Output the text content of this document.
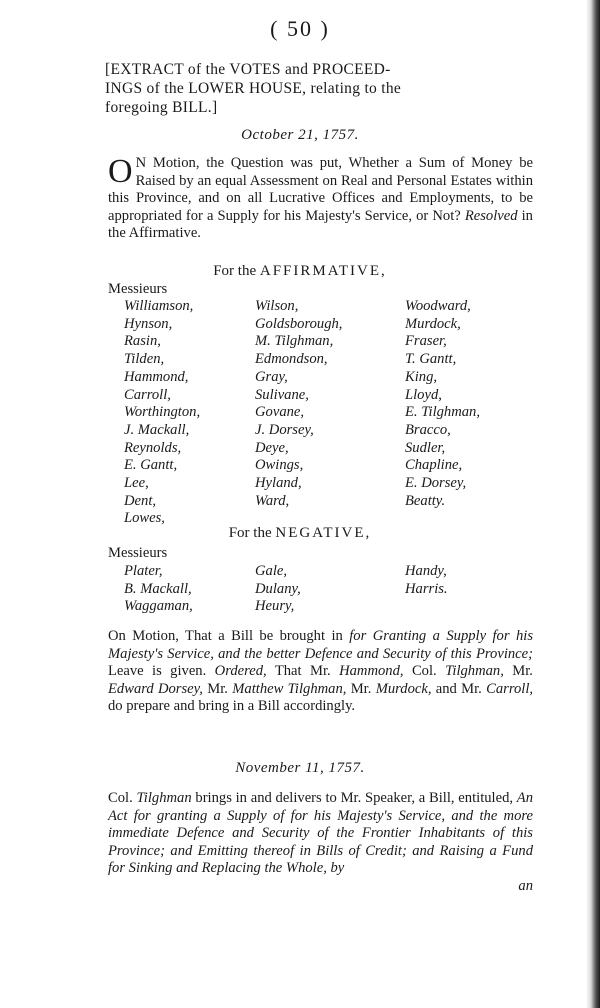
( 50 )
[EXTRACT of the VOTES and PROCEED-
INGS of the LOWER HOUSE, relating to the
foregoing BILL.]
October 21, 1757.
O N Motion, the Question was put, Whether a Sum of Money be Raised by an equal Assessment on Real and Personal Estates within this Province, and on all Lucrative Offices and Employments, to be appropriated for a Supply for his Majesty's Service, or Not? Resolved in the Affirmative.
For the AFFIRMATIVE,
Messieurs
Williamson,
Hynson,
Rasin,
Tilden,
Hammond,
Carroll,
Worthington,
J. Mackall,
Reynolds,
E. Gantt,
Lee,
Dent,
Lowes,
Wilson,
Goldsborough,
M. Tilghman,
Edmondson,
Gray,
Sulivane,
Govane,
J. Dorsey,
Deye,
Owings,
Hyland,
Ward,
Woodward,
Murdock,
Fraser,
T. Gantt,
King,
Lloyd,
E. Tilghman,
Bracco,
Sudler,
Chapline,
E. Dorsey,
Beatty.
For the NEGATIVE,
Messieurs
Plater,
B. Mackall,
Waggaman,
Gale,
Dulany,
Heury,
Handy,
Harris.
On Motion, That a Bill be brought in for Granting a Supply for his Majesty's Service, and the better Defence and Security of this Province; Leave is given. Ordered, That Mr. Hammond, Col. Tilghman, Mr. Edward Dorsey, Mr. Matthew Tilghman, Mr. Murdock, and Mr. Carroll, do prepare and bring in a Bill accordingly.
November 11, 1757.
Col. Tilghman brings in and delivers to Mr. Speaker, a Bill, entituled, An Act for granting a Supply of for his Majesty's Service, and the more immediate Defence and Security of the Frontier Inhabitants of this Province; and Emitting thereof in Bills of Credit; and Raising a Fund for Sinking and Replacing the Whole, by
an
